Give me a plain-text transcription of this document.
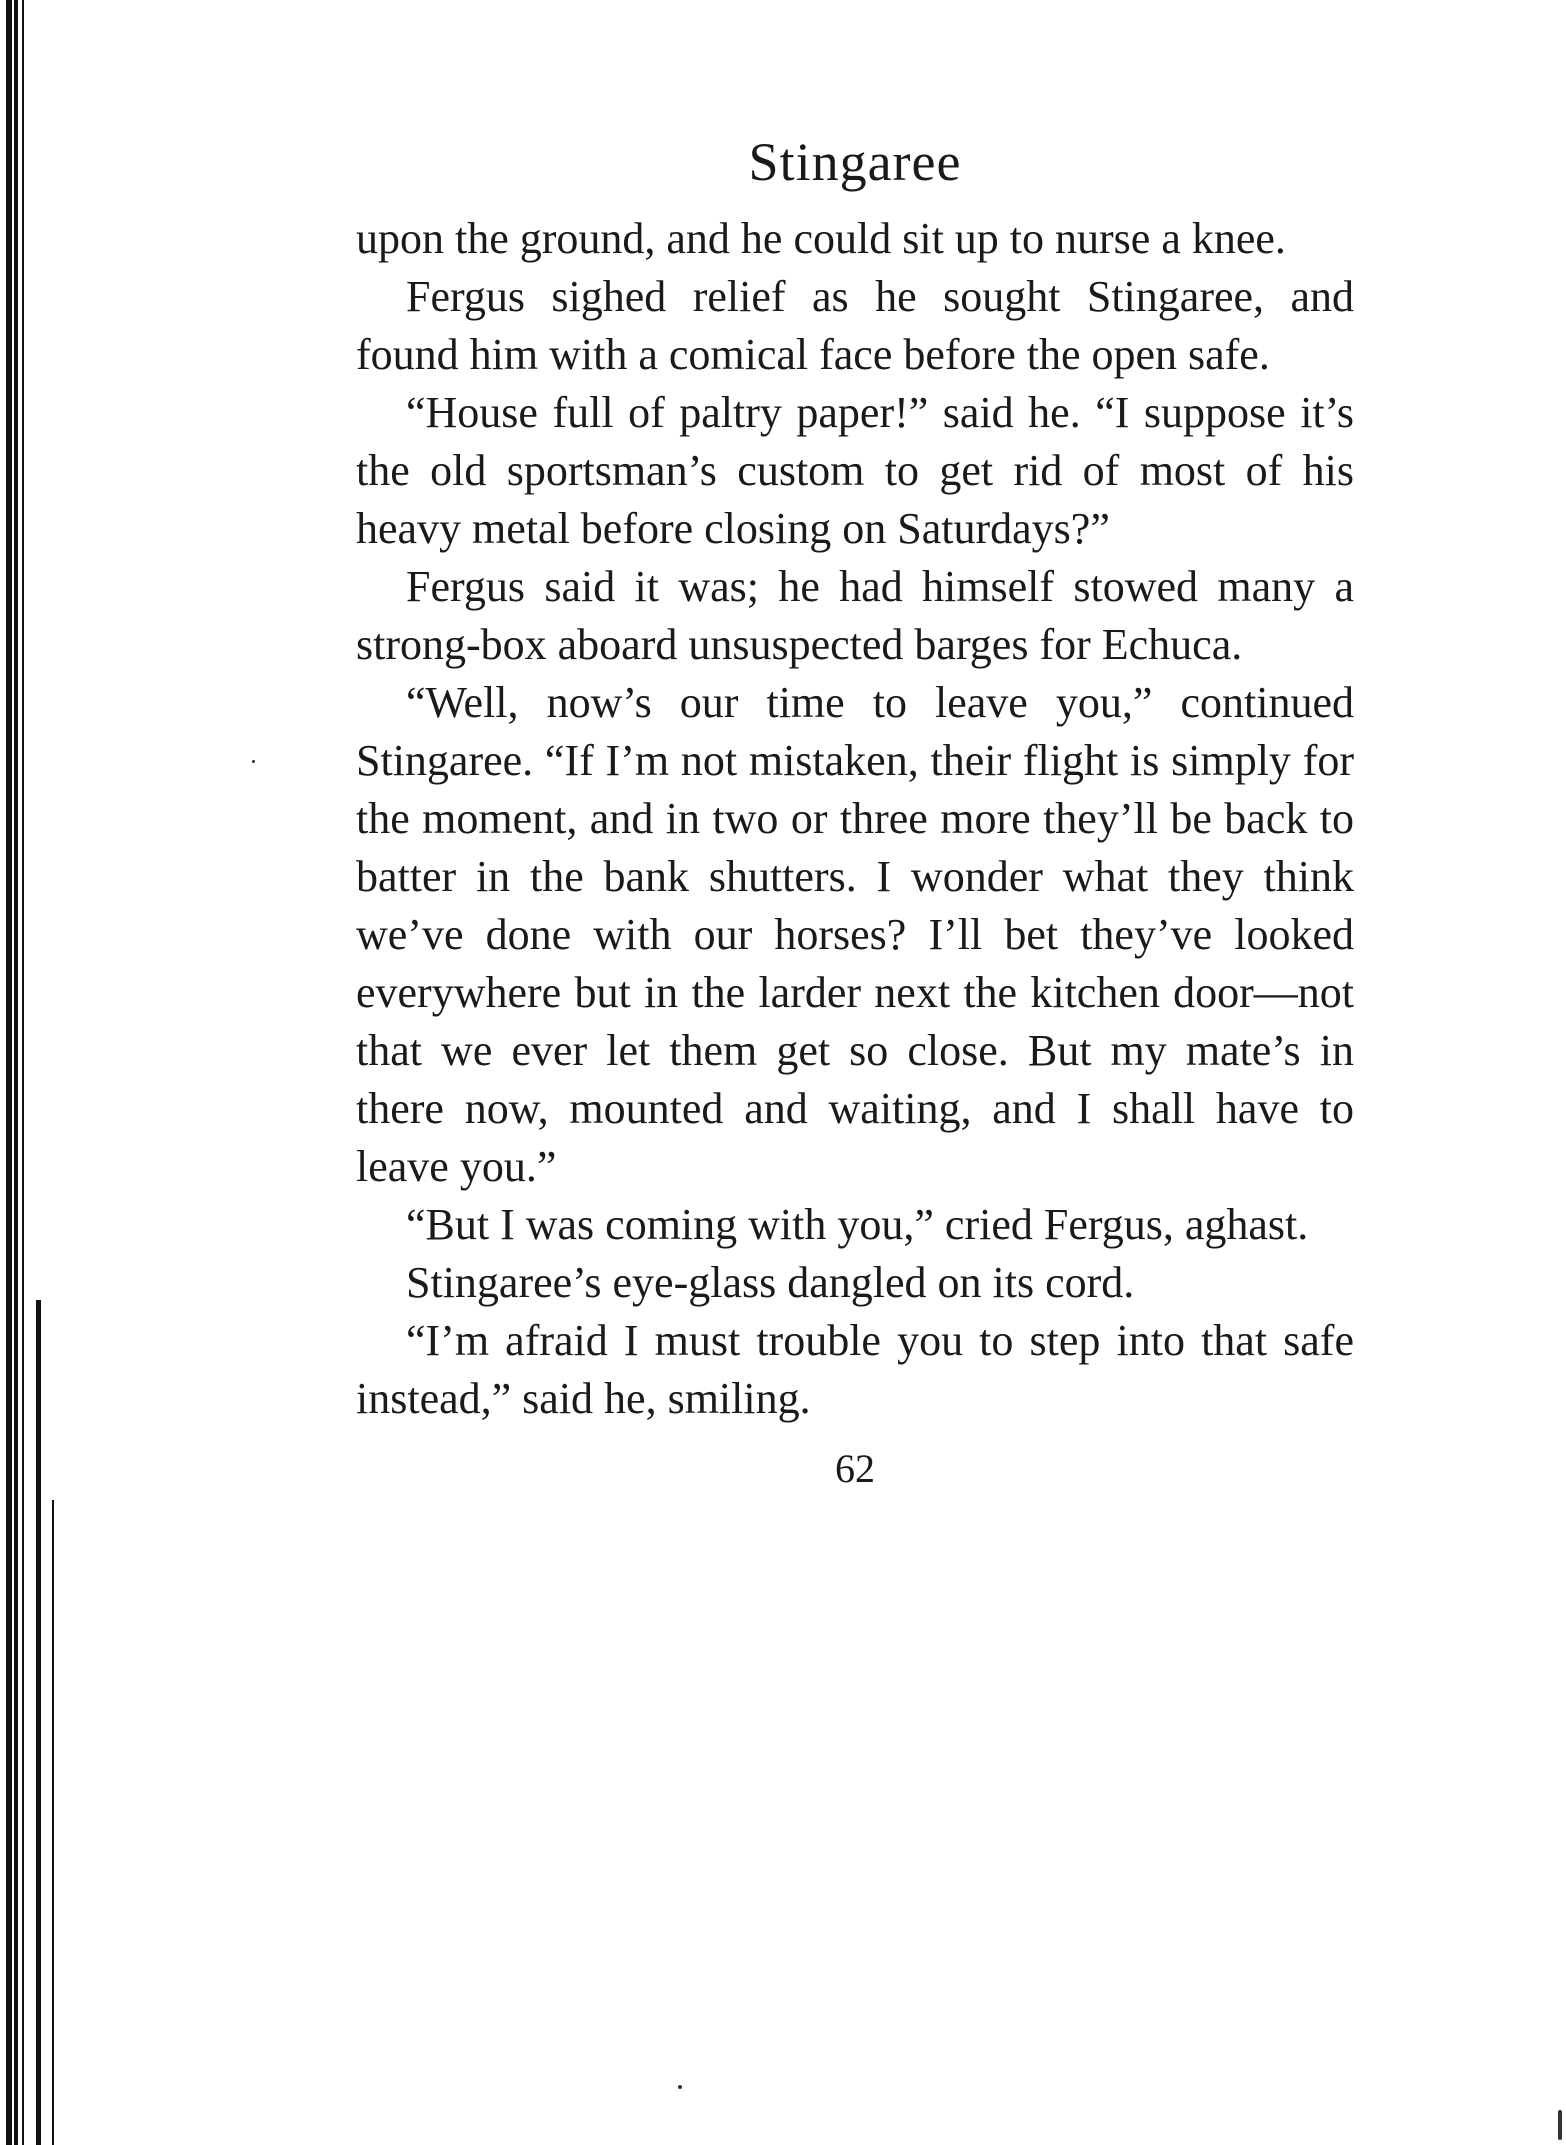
Stingaree

upon the ground, and he could sit up to nurse a knee.

Fergus sighed relief as he sought Stingaree, and found him with a comical face before the open safe.

“House full of paltry paper!” said he. “I suppose it’s the old sportsman’s custom to get rid of most of his heavy metal before closing on Saturdays?”

Fergus said it was; he had himself stowed many a strong-box aboard unsuspected barges for Echuca.

“Well, now’s our time to leave you,” continued Stingaree. “If I’m not mistaken, their flight is simply for the moment, and in two or three more they’ll be back to batter in the bank shutters. I wonder what they think we’ve done with our horses? I’ll bet they’ve looked everywhere but in the larder next the kitchen door—not that we ever let them get so close. But my mate’s in there now, mounted and waiting, and I shall have to leave you.”

“But I was coming with you,” cried Fergus, aghast.

Stingaree’s eye-glass dangled on its cord.

“I’m afraid I must trouble you to step into that safe instead,” said he, smiling.

62
